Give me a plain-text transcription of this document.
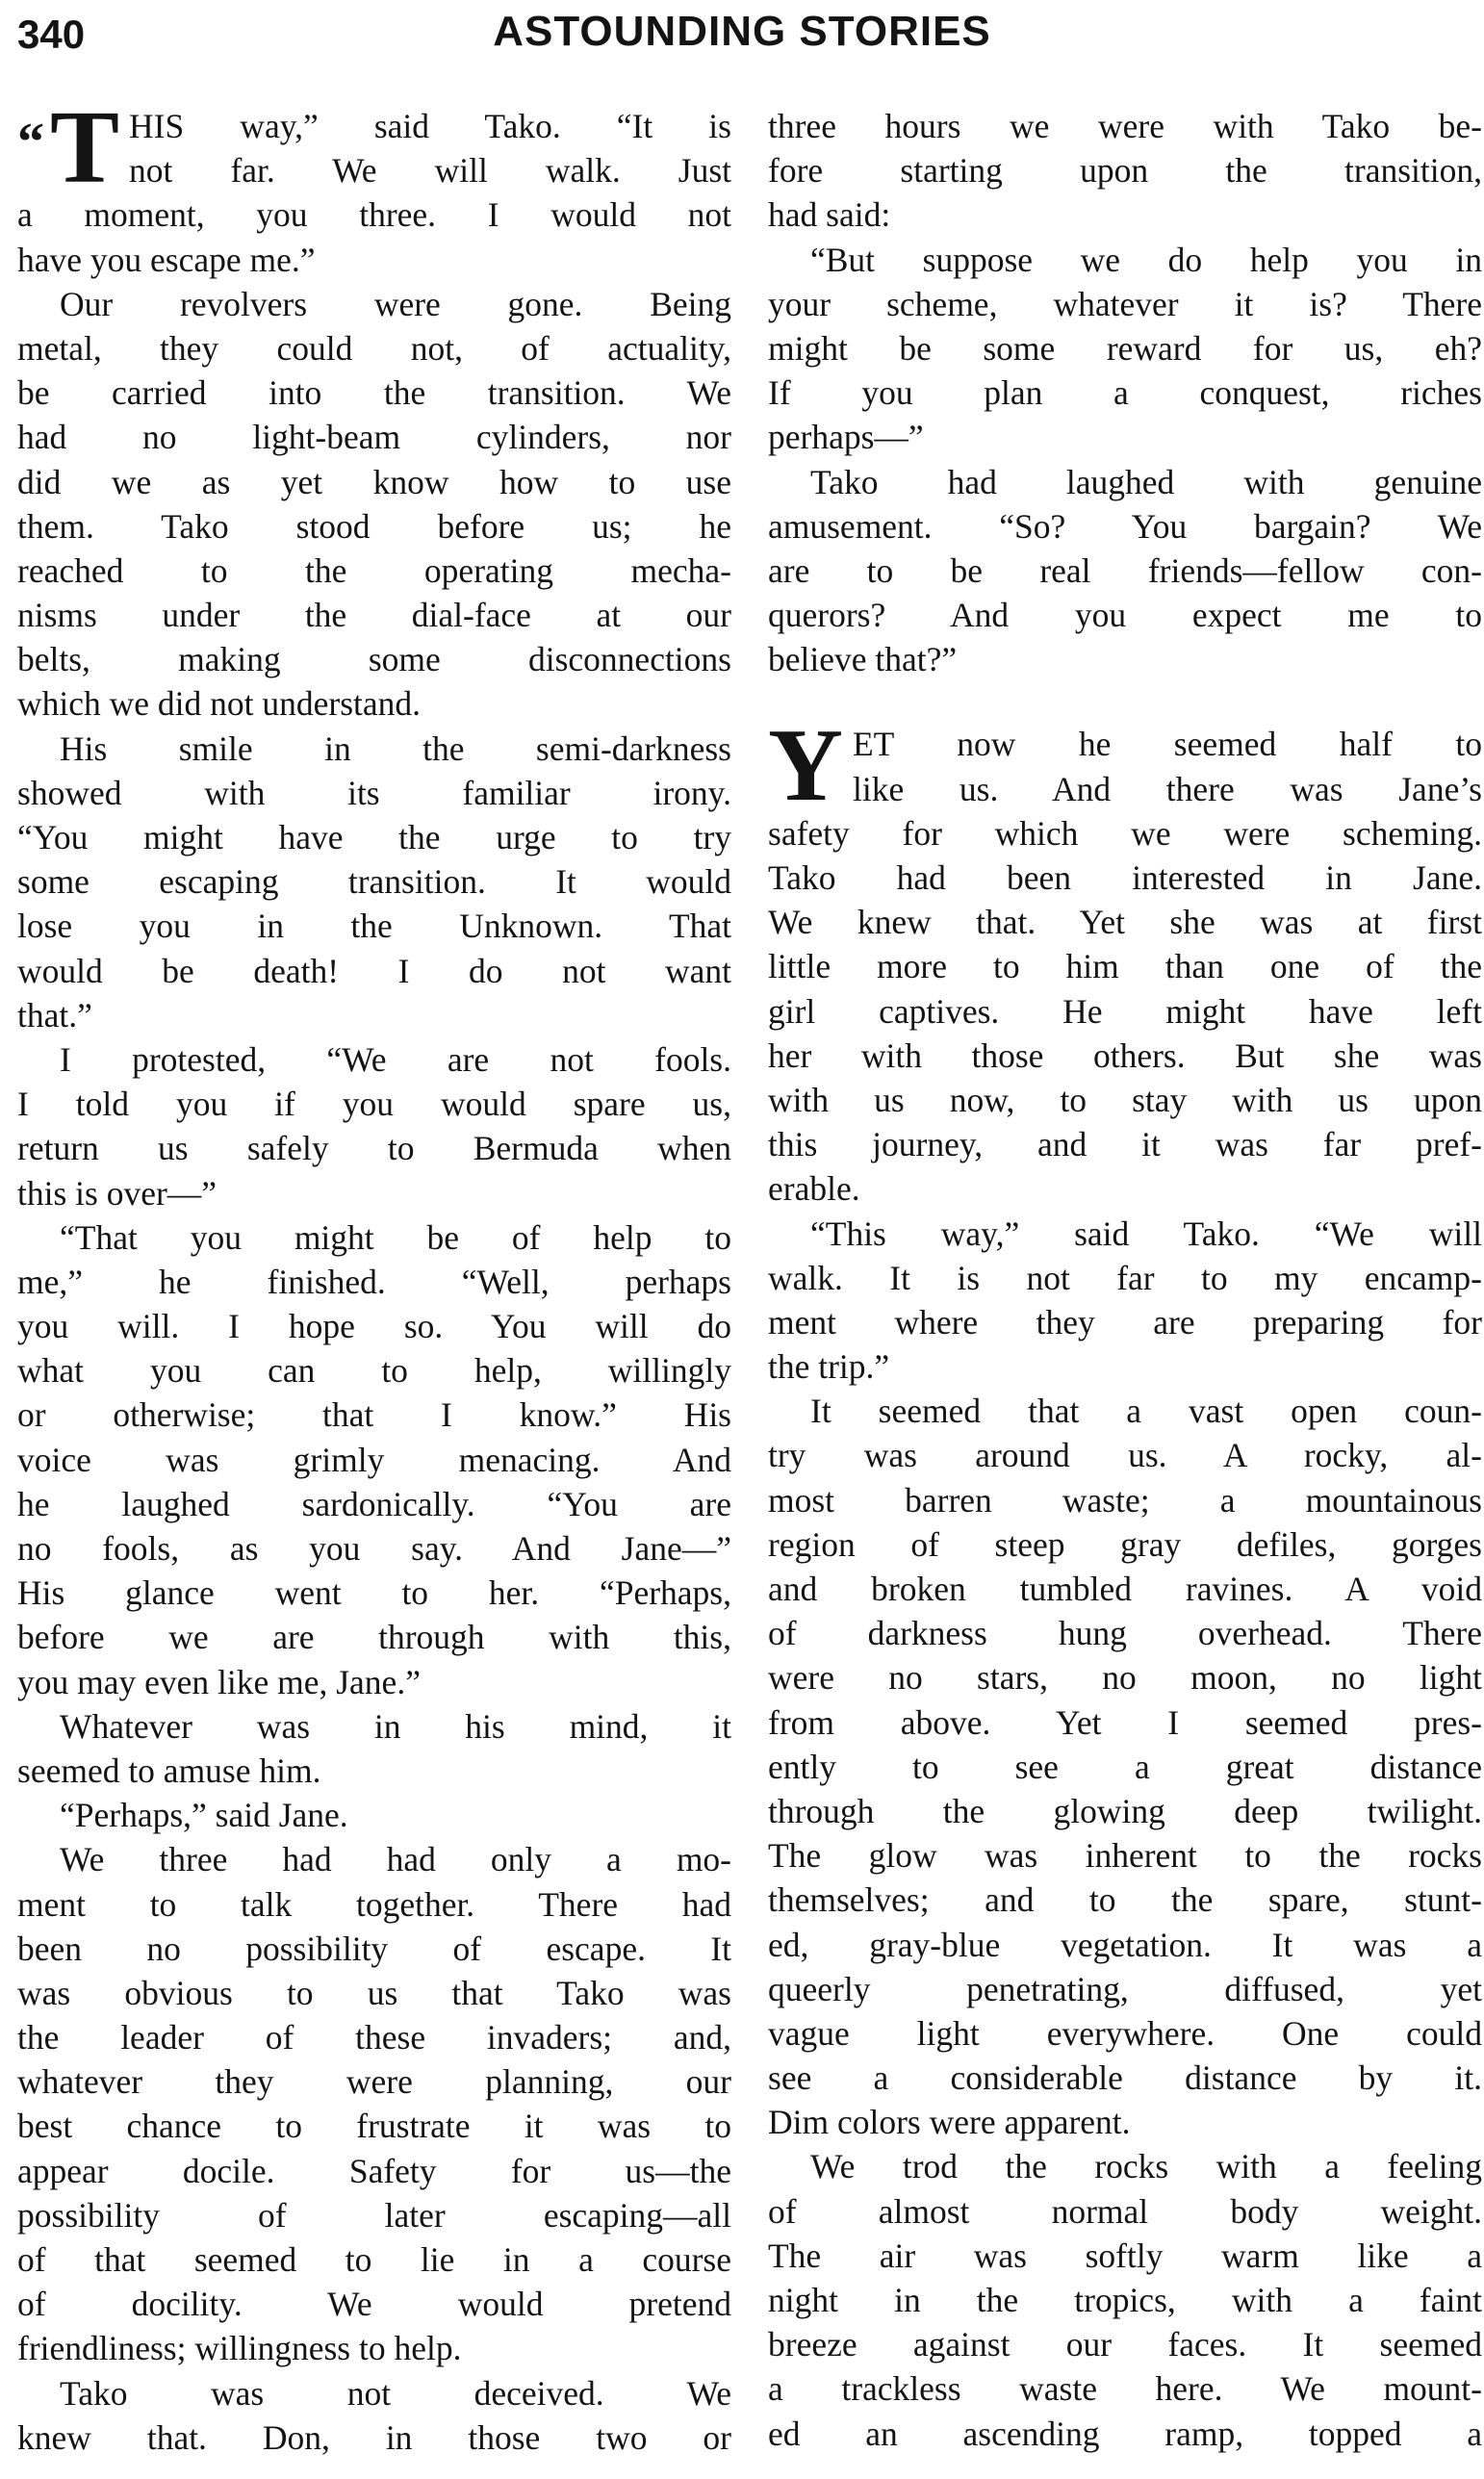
340	ASTOUNDING STORIES
“ T HIS way,” said Tako. “It is
not far. We will walk. Just
a moment, you three. I would not
have you escape me.”
Our revolvers were gone. Being
metal, they could not, of actuality,
be carried into the transition. We
had no light-beam cylinders, nor
did we as yet know how to use
them. Tako stood before us; he
reached to the operating mecha-
nisms under the dial-face at our
belts, making some disconnections
which we did not understand.
His smile in the semi-darkness
showed with its familiar irony.
“You might have the urge to try
some escaping transition. It would
lose you in the Unknown. That
would be death! I do not want
that.”
I protested, “We are not fools.
I told you if you would spare us,
return us safely to Bermuda when
this is over—”
“That you might be of help to
me,” he finished. “Well, perhaps
you will. I hope so. You will do
what you can to help, willingly
or otherwise; that I know.” His
voice was grimly menacing. And
he laughed sardonically. “You are
no fools, as you say. And Jane—”
His glance went to her. “Perhaps,
before we are through with this,
you may even like me, Jane.”
Whatever was in his mind, it
seemed to amuse him.
“Perhaps,” said Jane.
We three had had only a mo-
ment to talk together. There had
been no possibility of escape. It
was obvious to us that Tako was
the leader of these invaders; and,
whatever they were planning, our
best chance to frustrate it was to
appear docile. Safety for us—the
possibility of later escaping—all
of that seemed to lie in a course
of docility. We would pretend
friendliness; willingness to help.
Tako was not deceived. We
knew that. Don, in those two or
three hours we were with Tako be-
fore starting upon the transition,
had said:
“But suppose we do help you in
your scheme, whatever it is? There
might be some reward for us, eh?
If you plan a conquest, riches
perhaps—”
Tako had laughed with genuine
amusement. “So? You bargain? We
are to be real friends—fellow con-
querors? And you expect me to
believe that?”
Y ET now he seemed half to
like us. And there was Jane’s
safety for which we were scheming.
Tako had been interested in Jane.
We knew that. Yet she was at first
little more to him than one of the
girl captives. He might have left
her with those others. But she was
with us now, to stay with us upon
this journey, and it was far pref-
erable.
“This way,” said Tako. “We will
walk. It is not far to my encamp-
ment where they are preparing for
the trip.”
It seemed that a vast open coun-
try was around us. A rocky, al-
most barren waste; a mountainous
region of steep gray defiles, gorges
and broken tumbled ravines. A void
of darkness hung overhead. There
were no stars, no moon, no light
from above. Yet I seemed pres-
ently to see a great distance
through the glowing deep twilight.
The glow was inherent to the rocks
themselves; and to the spare, stunt-
ed, gray-blue vegetation. It was a
queerly penetrating, diffused, yet
vague light everywhere. One could
see a considerable distance by it.
Dim colors were apparent.
We trod the rocks with a feeling
of almost normal body weight.
The air was softly warm like a
night in the tropics, with a faint
breeze against our faces. It seemed
a trackless waste here. We mount-
ed an ascending ramp, topped a
